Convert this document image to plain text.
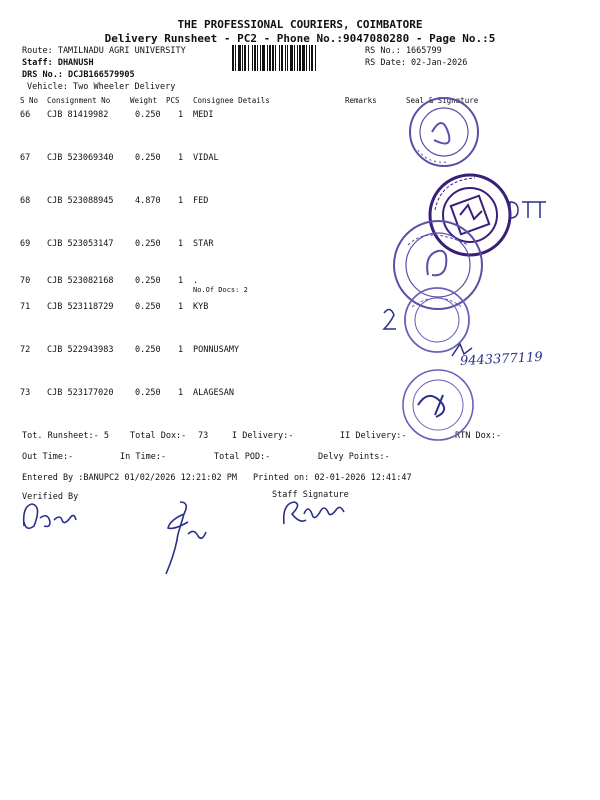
THE PROFESSIONAL COURIERS, COIMBATORE
Delivery Runsheet - PC2 - Phone No.:9047080280 - Page No.:5
Route: TAMILNADU AGRI UNIVERSITY
Staff: DHANUSH
DRS No.: DCJB166579905
Vehicle: Two Wheeler Delivery
RS No.: 1665799
RS Date: 02-Jan-2026
S No Consignment No	Weight PCS Consignee Details	Remarks	Seal & Signature
66 CJB 81419982	0.250 1 MEDI
67 CJB 523069340	0.250 1 VIDAL
68 CJB 523088945	4.870 1 FED
69 CJB 523053147	0.250 1 STAR
70 CJB 523082168	0.250 1 .
No.Of Docs: 2
71 CJB 523118729	0.250 1 KYB
72 CJB 522943983	0.250 1 PONNUSAMY
73 CJB 523177020	0.250 1 ALAGESAN
Tot. Runsheet:- 5 Total Dox:- 73	I Delivery:-	II Delivery:-	RTN Dox:-
Out Time:-	In Time:-	Total POD:-	Delvy Points:-
Entered By :BANUPC2 01/02/2026 12:21:02 PM Printed on: 02-01-2026 12:41:47
Verified By	Staff Signature
9443377119
